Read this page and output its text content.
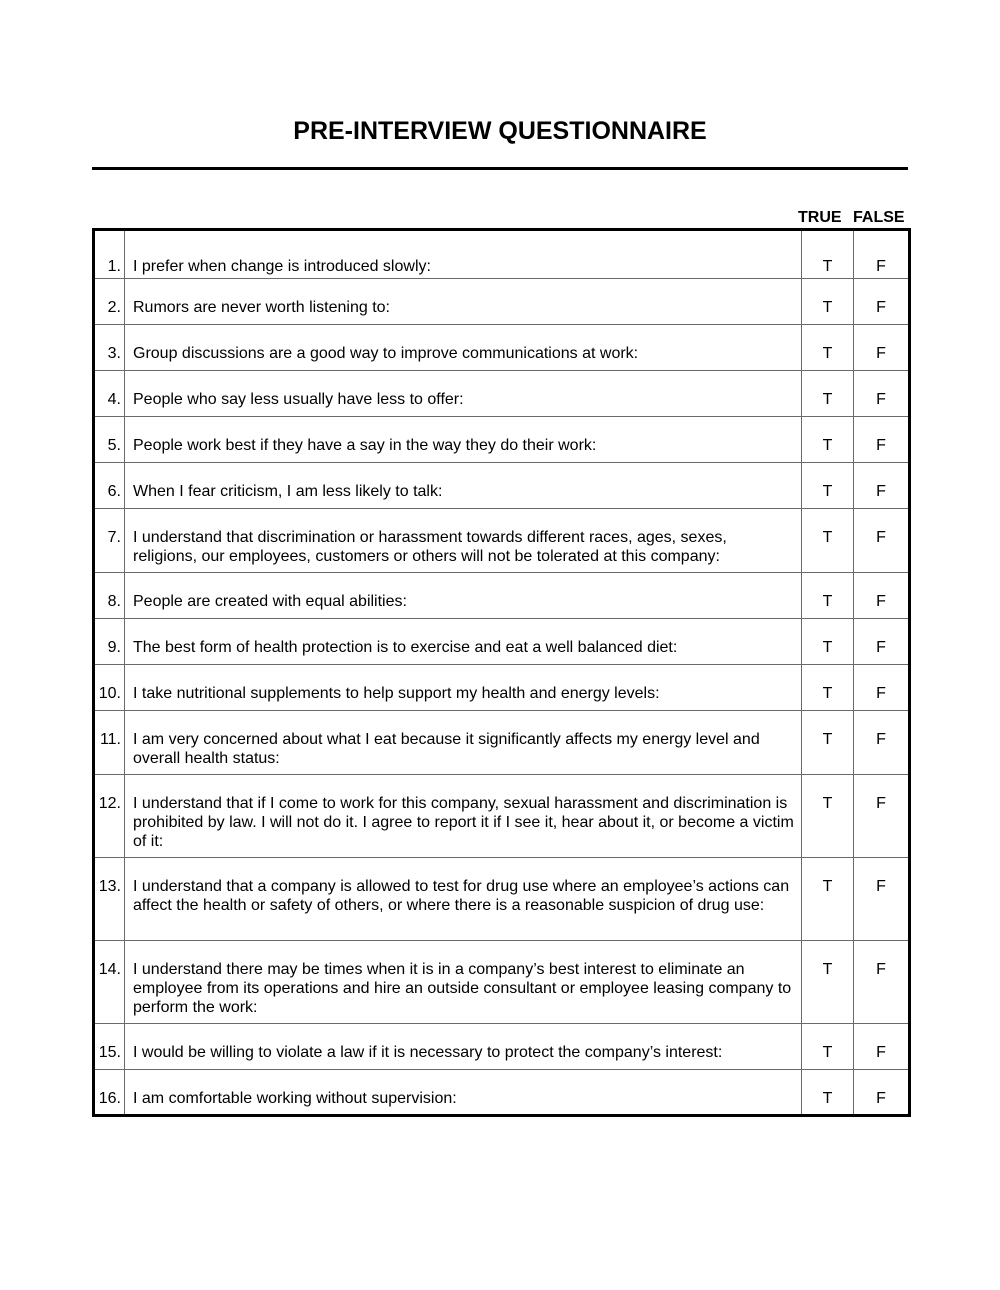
PRE-INTERVIEW QUESTIONNAIRE
TRUE FALSE
1.	I prefer when change is introduced slowly:	T	F
2.	Rumors are never worth listening to:	T	F
3.	Group discussions are a good way to improve communications at work:	T	F
4.	People who say less usually have less to offer:	T	F
5.	People work best if they have a say in the way they do their work:	T	F
6.	When I fear criticism, I am less likely to talk:	T	F
7.	I understand that discrimination or harassment towards different races, ages, sexes, religions, our employees, customers or others will not be tolerated at this company:	T	F
8.	People are created with equal abilities:	T	F
9.	The best form of health protection is to exercise and eat a well balanced diet:	T	F
10.	I take nutritional supplements to help support my health and energy levels:	T	F
11.	I am very concerned about what I eat because it significantly affects my energy level and overall health status:	T	F
12.	I understand that if I come to work for this company, sexual harassment and discrimination is prohibited by law. I will not do it. I agree to report it if I see it, hear about it, or become a victim of it:	T	F
13.	I understand that a company is allowed to test for drug use where an employee’s actions can affect the health or safety of others, or where there is a reasonable suspicion of drug use:	T	F
14.	I understand there may be times when it is in a company’s best interest to eliminate an employee from its operations and hire an outside consultant or employee leasing company to perform the work:	T	F
15.	I would be willing to violate a law if it is necessary to protect the company’s interest:	T	F
16.	I am comfortable working without supervision:	T	F
